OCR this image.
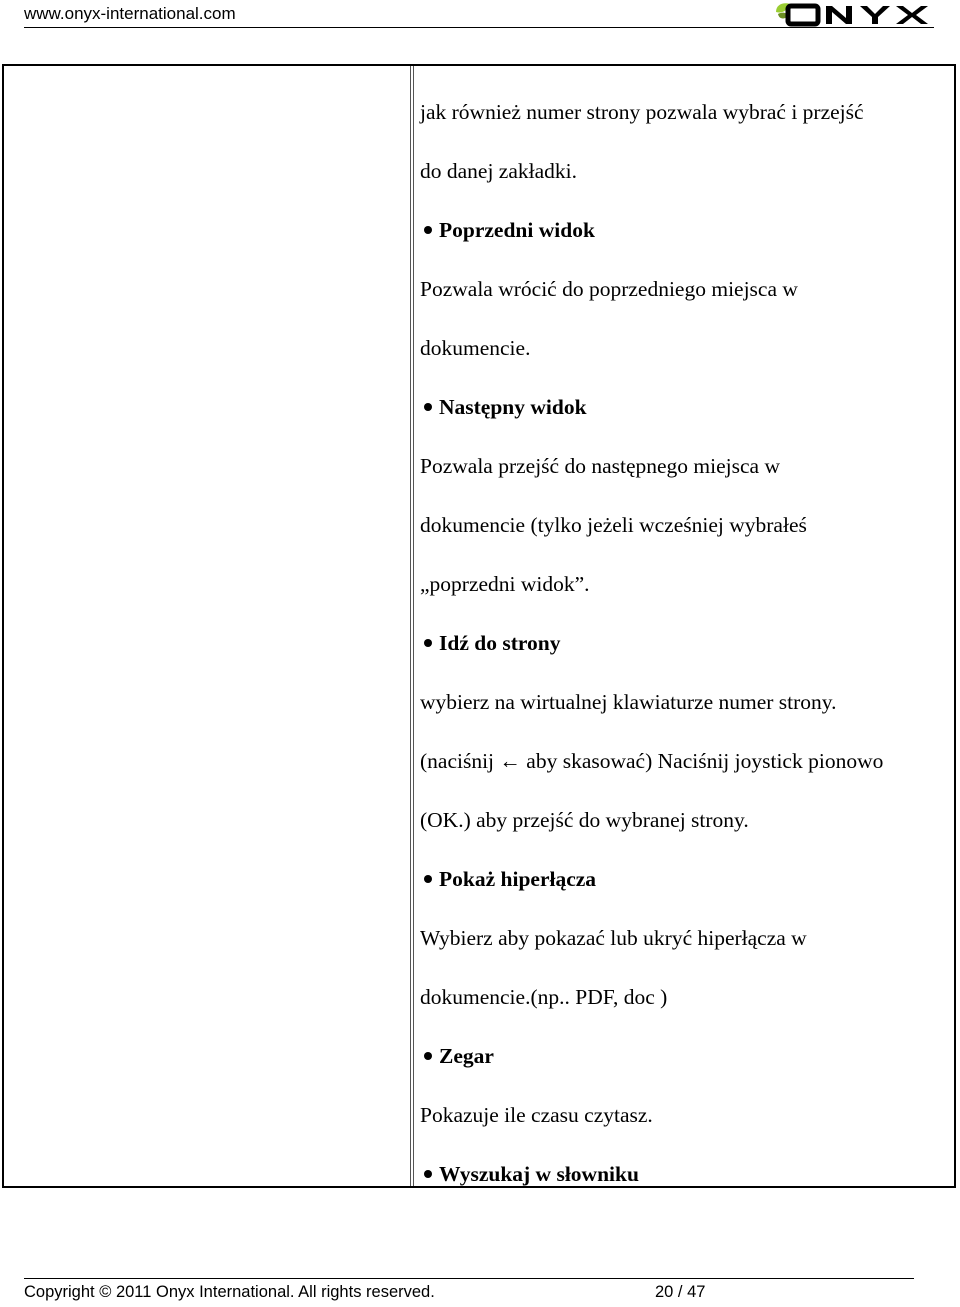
www.onyx-international.com
jak również numer strony pozwala wybrać i przejść
do danej zakładki.
Poprzedni widok
Pozwala wrócić do poprzedniego miejsca w
dokumencie.
Następny widok
Pozwala przejść do następnego miejsca w
dokumencie (tylko jeżeli wcześniej wybrałeś
„poprzedni widok”.
Idź do strony
wybierz na wirtualnej klawiaturze numer strony.
(naciśnij ← aby skasować) Naciśnij joystick pionowo
(OK.) aby przejść do wybranej strony.
Pokaż hiperłącza
Wybierz aby pokazać lub ukryć hiperłącza w
dokumencie.(np.. PDF, doc )
Zegar
Pokazuje ile czasu czytasz.
Wyszukaj w słowniku
Copyright © 2011 Onyx International. All rights reserved.	20 / 47
